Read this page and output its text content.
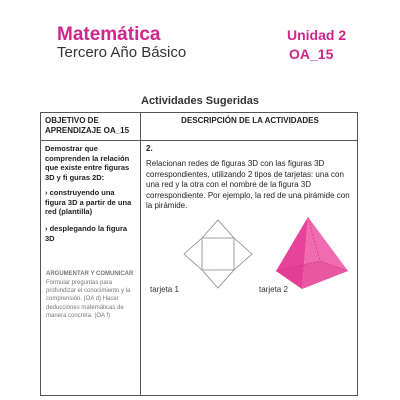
Matemática
Tercero Año Básico
Unidad 2
OA_15
Actividades Sugeridas
OBJETIVO DE APRENDIZAJE OA_15
DESCRIPCIÓN DE LA ACTIVIDADES
Demostrar que comprenden la relación que existe entre figuras 3D y fi guras 2D:
› construyendo una figura 3D a partir de una red (plantilla)
› desplegando la figura 3D
ARGUMENTAR Y COMUNICAR
Formular preguntas para profundizar el conocimiento y la comprensión. (OA d) Hacer deducciones matemáticas de manera concreta. (OA f)
2.
Relacionan redes de figuras 3D con las figuras 3D correspondientes, utilizando 2 tipos de tarjetas: una con una red y la otra con el nombre de la figura 3D correspondiente. Por ejemplo, la red de una pirámide con la pirámide.
tarjeta 1	tarjeta 2
